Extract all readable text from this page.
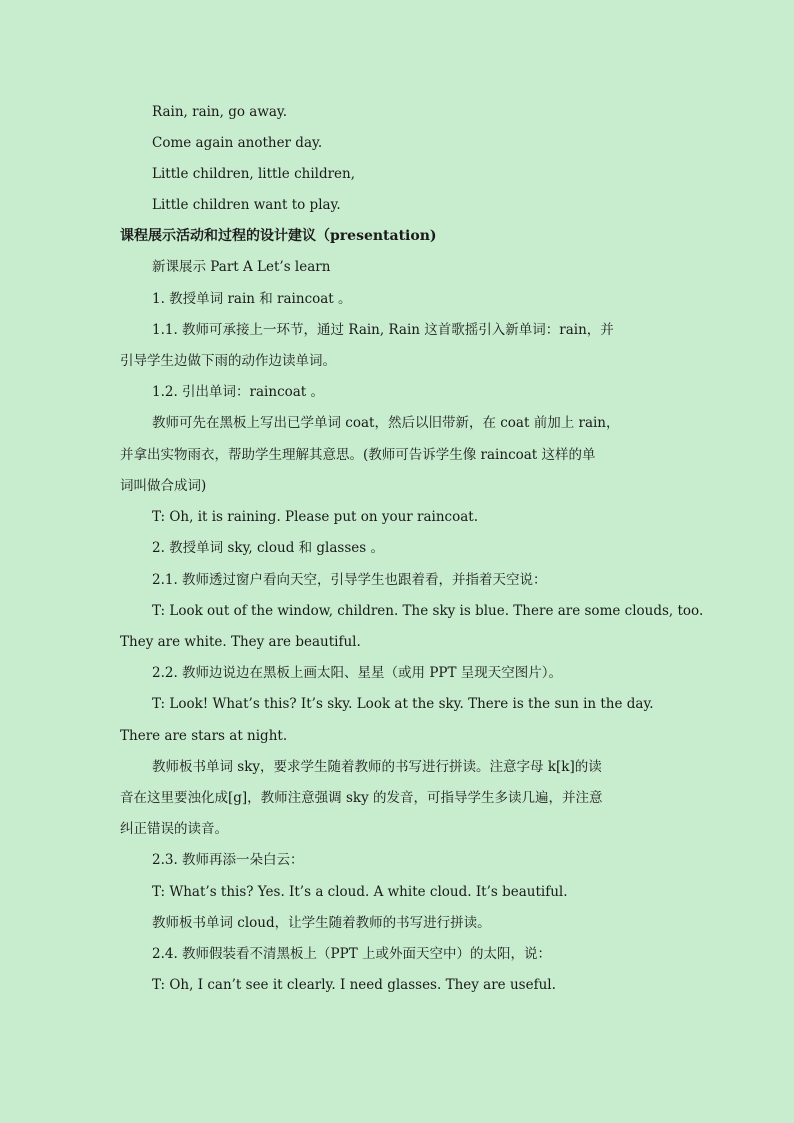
Rain, rain, go away.
Come again another day.
Little children, little children,
Little children want to play.
课程展示活动和过程的设计建议（presentation)
新课展示 Part A Let’s learn
1. 教授单词 rain 和 raincoat 。
1.1. 教师可承接上一环节，通过 Rain, Rain 这首歌摇引入新单词：rain，并
引导学生边做下雨的动作边读单词。
1.2. 引出单词：raincoat 。
教师可先在黑板上写出已学单词 coat，然后以旧带新，在 coat 前加上 rain，
并拿出实物雨衣，帮助学生理解其意思。(教师可告诉学生像 raincoat 这样的单
词叫做合成词)
T: Oh, it is raining. Please put on your raincoat.
2. 教授单词 sky, cloud 和 glasses 。
2.1. 教师透过窗户看向天空，引导学生也跟着看，并指着天空说：
T: Look out of the window, children. The sky is blue. There are some clouds, too.
They are white. They are beautiful.
2.2. 教师边说边在黑板上画太阳、星星（或用 PPT 呈现天空图片）。
T: Look! What’s this? It’s sky. Look at the sky. There is the sun in the day.
There are stars at night.
教师板书单词 sky，要求学生随着教师的书写进行拼读。注意字母 k[k]的读
音在这里要浊化成[g]，教师注意强调 sky 的发音，可指导学生多读几遍，并注意
纠正错误的读音。
2.3. 教师再添一朵白云：
T: What’s this? Yes. It’s a cloud. A white cloud. It’s beautiful.
教师板书单词 cloud，让学生随着教师的书写进行拼读。
2.4. 教师假装看不清黑板上（PPT 上或外面天空中）的太阳，说：
T: Oh, I can’t see it clearly. I need glasses. They are useful.
